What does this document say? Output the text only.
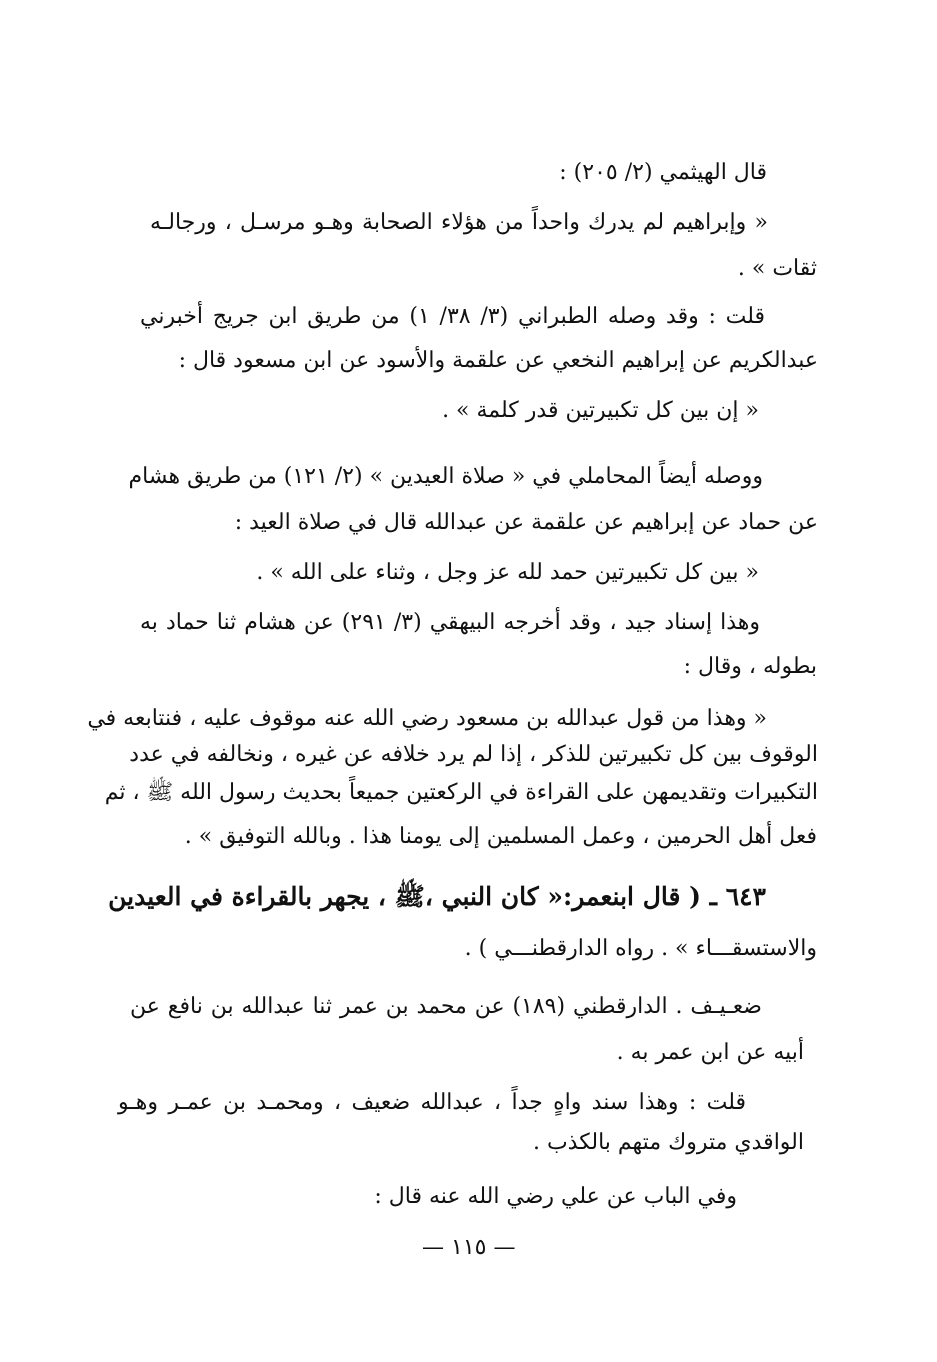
قال الهيثمي (٢/ ٢٠٥) :
« وإبراهيم لم يدرك واحداً من هؤلاء الصحابة وهـو مرسـل ، ورجالـه
ثقات » .
قلت : وقد وصله الطبراني (٣/ ٣٨/ ١) من طريق ابن جريج أخبرني
عبدالكريم عن إبراهيم النخعي عن علقمة والأسود عن ابن مسعود قال :
« إن بين كل تكبيرتين قدر كلمة » .
ووصله أيضاً المحاملي في « صلاة العيدين » (٢/ ١٢١) من طريق هشام
عن حماد عن إبراهيم عن علقمة عن عبدالله قال في صلاة العيد :
« بين كل تكبيرتين حمد لله عز وجل ، وثناء على الله » .
وهذا إسناد جيد ، وقد أخرجه البيهقي (٣/ ٢٩١) عن هشام ثنا حماد به
بطوله ، وقال :
« وهذا من قول عبدالله بن مسعود رضي الله عنه موقوف عليه ، فنتابعه في
الوقوف بين كل تكبيرتين للذكر ، إذا لم يرد خلافه عن غيره ، ونخالفه في عدد
التكبيرات وتقديمهن على القراءة في الركعتين جميعاً بحديث رسول الله ﷺ ، ثم
فعل أهل الحرمين ، وعمل المسلمين إلى يومنا هذا . وبالله التوفيق » .
٦٤٣ ـ ( قال ابنعمر:« كان النبي ،ﷺ ، يجهر بالقراءة في العيدين
والاستسقـــاء » . رواه الدارقطنـــي ) .
ضعـيـف . الدارقطني (١٨٩) عن محمد بن عمر ثنا عبدالله بن نافع عن
أبيه عن ابن عمر به .
قلت : وهذا سند واهٍ جداً ، عبدالله ضعيف ، ومحمـد بن عمـر وهـو
الواقدي متروك متهم بالكذب .
وفي الباب عن علي رضي الله عنه قال :
— ١١٥ —
